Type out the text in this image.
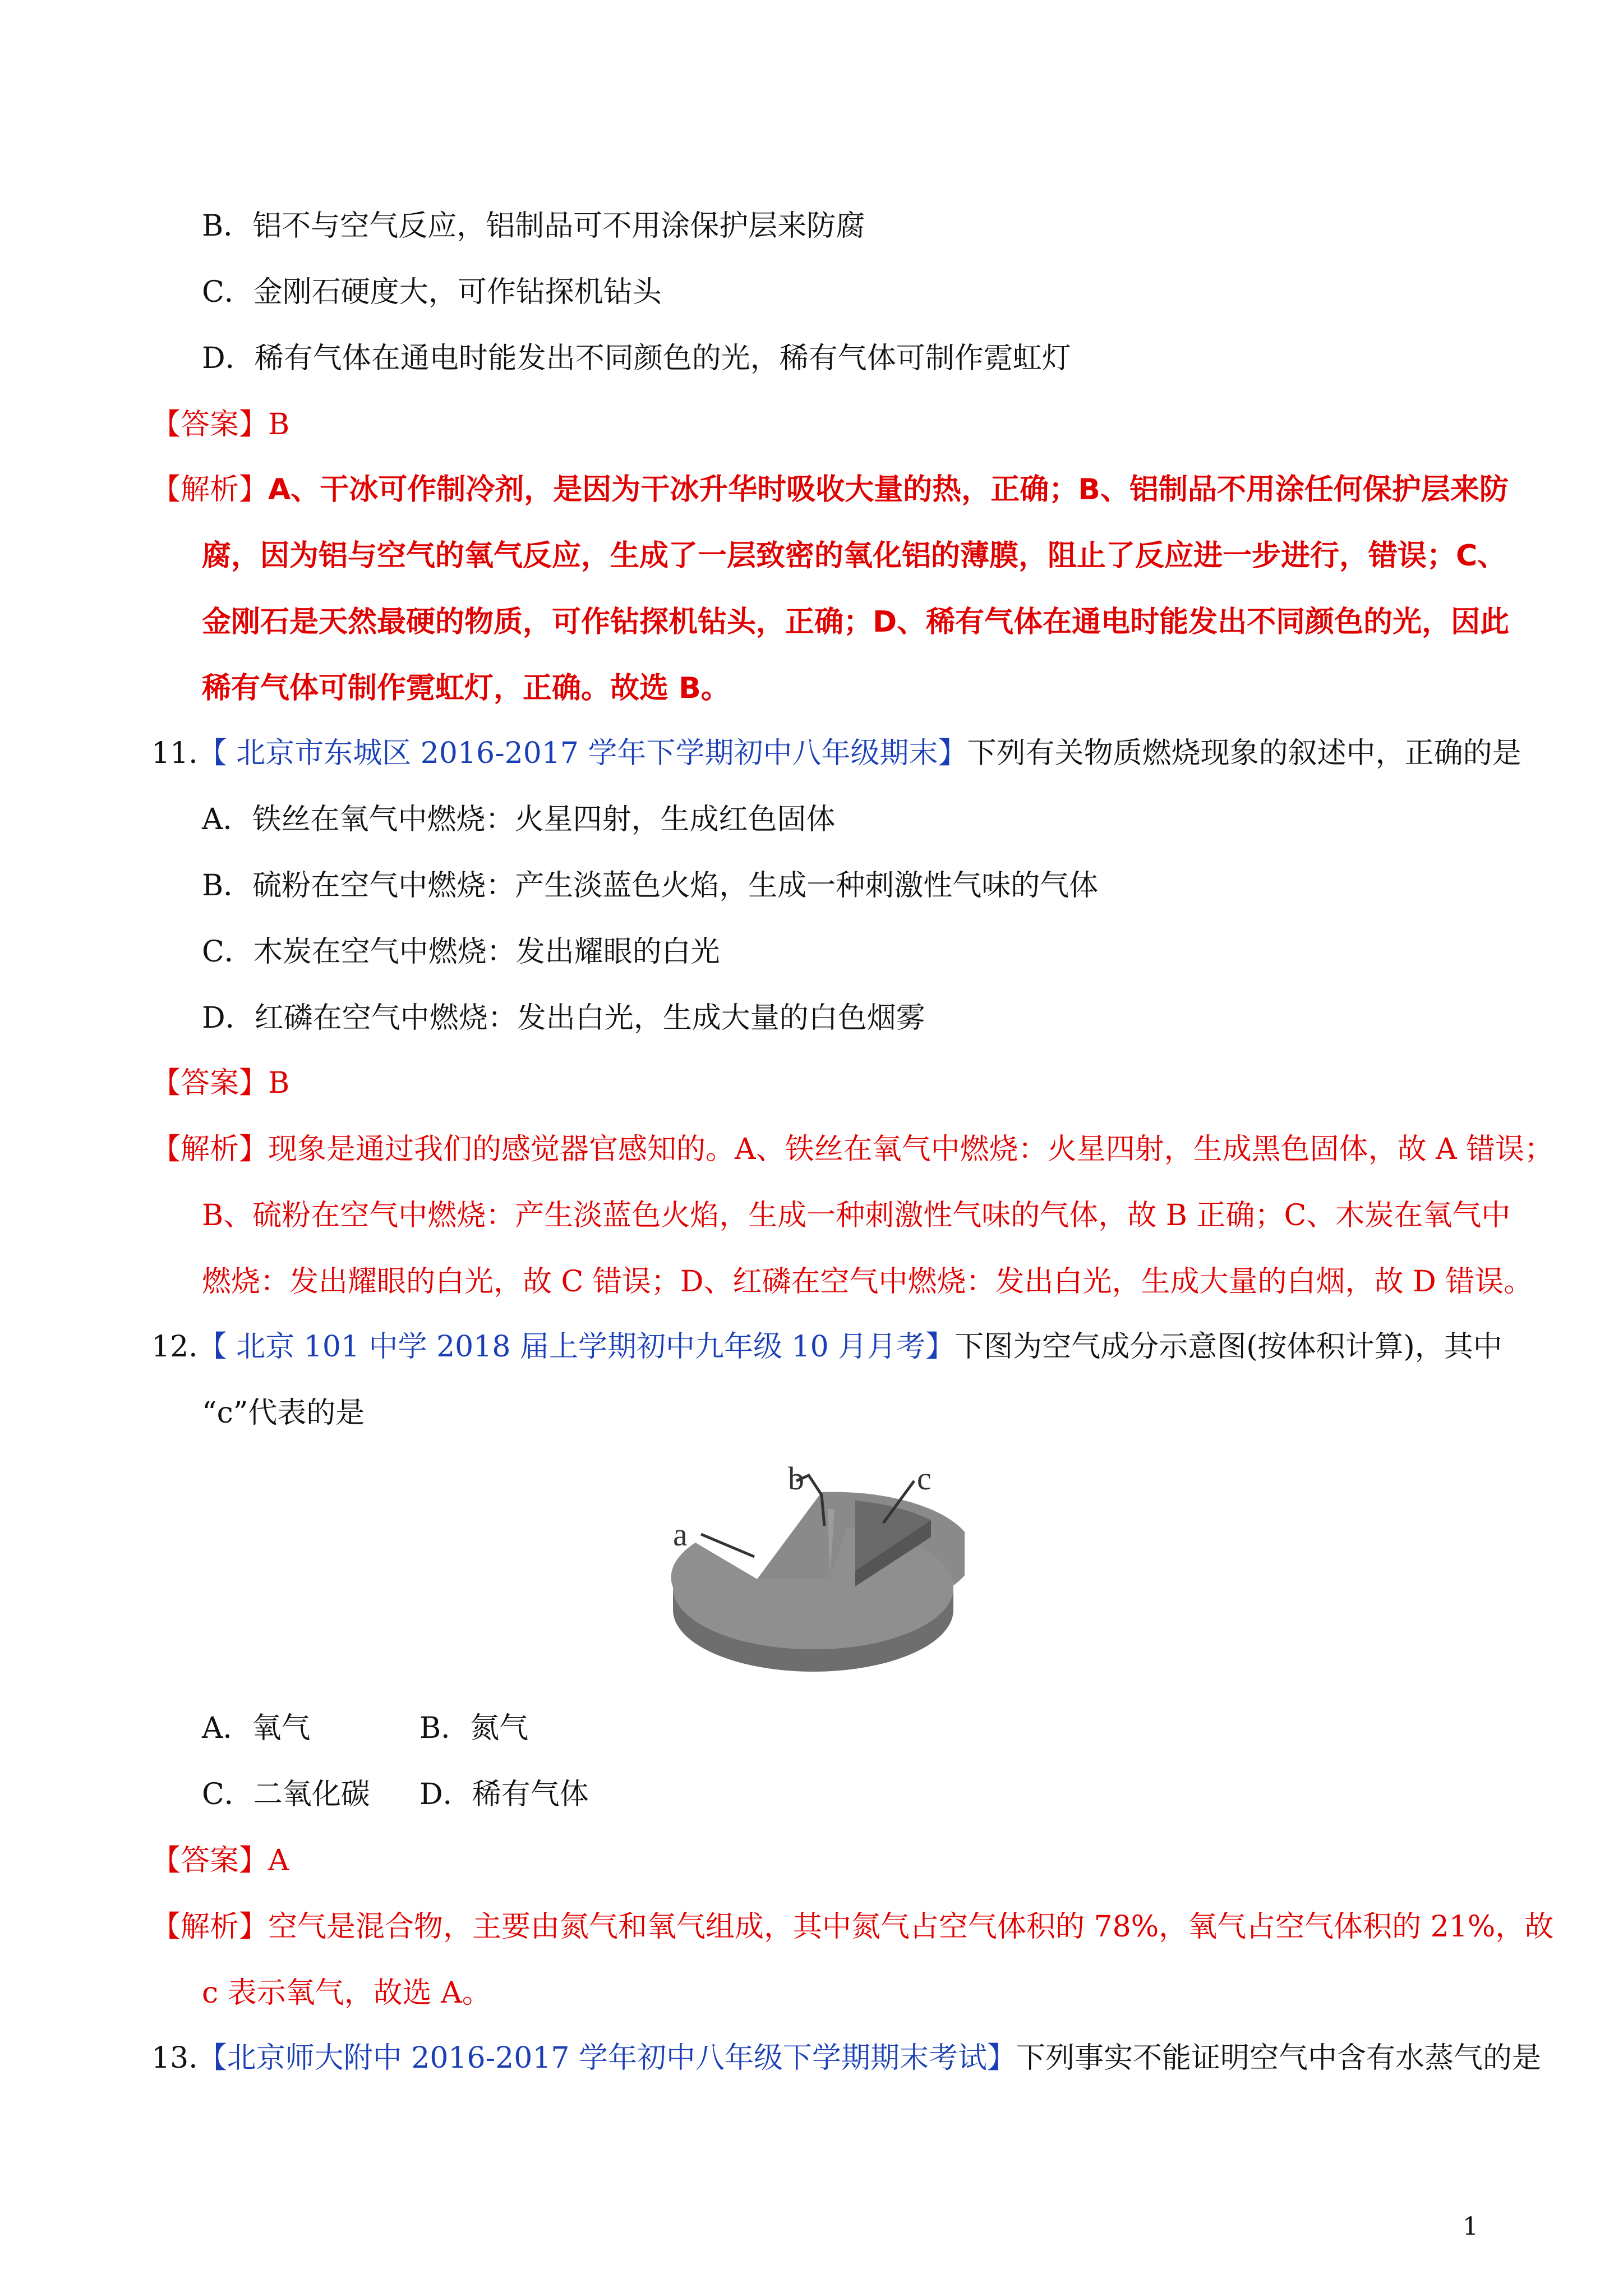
B．铝不与空气反应，铝制品可不用涂保护层来防腐
C．金刚石硬度大，可作钻探机钻头
D．稀有气体在通电时能发出不同颜色的光，稀有气体可制作霓虹灯
【答案】B
【解析】A、干冰可作制冷剂，是因为干冰升华时吸收大量的热，正确；B、铝制品不用涂任何保护层来防
腐，因为铝与空气的氧气反应，生成了一层致密的氧化铝的薄膜，阻止了反应进一步进行，错误；C、
金刚石是天然最硬的物质，可作钻探机钻头，正确；D、稀有气体在通电时能发出不同颜色的光，因此
稀有气体可制作霓虹灯，正确。故选 B。
11.【 北京市东城区 2016-2017 学年下学期初中八年级期末】下列有关物质燃烧现象的叙述中，正确的是
A．铁丝在氧气中燃烧：火星四射，生成红色固体
B．硫粉在空气中燃烧：产生淡蓝色火焰，生成一种刺激性气味的气体
C．木炭在空气中燃烧：发出耀眼的白光
D．红磷在空气中燃烧：发出白光，生成大量的白色烟雾
【答案】B
【解析】现象是通过我们的感觉器官感知的。A、铁丝在氧气中燃烧：火星四射，生成黑色固体，故 A 错误；
B、硫粉在空气中燃烧：产生淡蓝色火焰，生成一种刺激性气味的气体，故 B 正确；C、木炭在氧气中
燃烧：发出耀眼的白光，故 C 错误；D、红磷在空气中燃烧：发出白光，生成大量的白烟，故 D 错误。
12.【 北京 101 中学 2018 届上学期初中九年级 10 月月考】下图为空气成分示意图(按体积计算)，其中
“c”代表的是
a
b	c
A．氧气	B．氮气
C．二氧化碳 D．稀有气体
【答案】A
【解析】空气是混合物，主要由氮气和氧气组成，其中氮气占空气体积的 78%，氧气占空气体积的 21%，故
c 表示氧气，故选 A。
13.【北京师大附中 2016-2017 学年初中八年级下学期期末考试】下列事实不能证明空气中含有水蒸气的是
1
